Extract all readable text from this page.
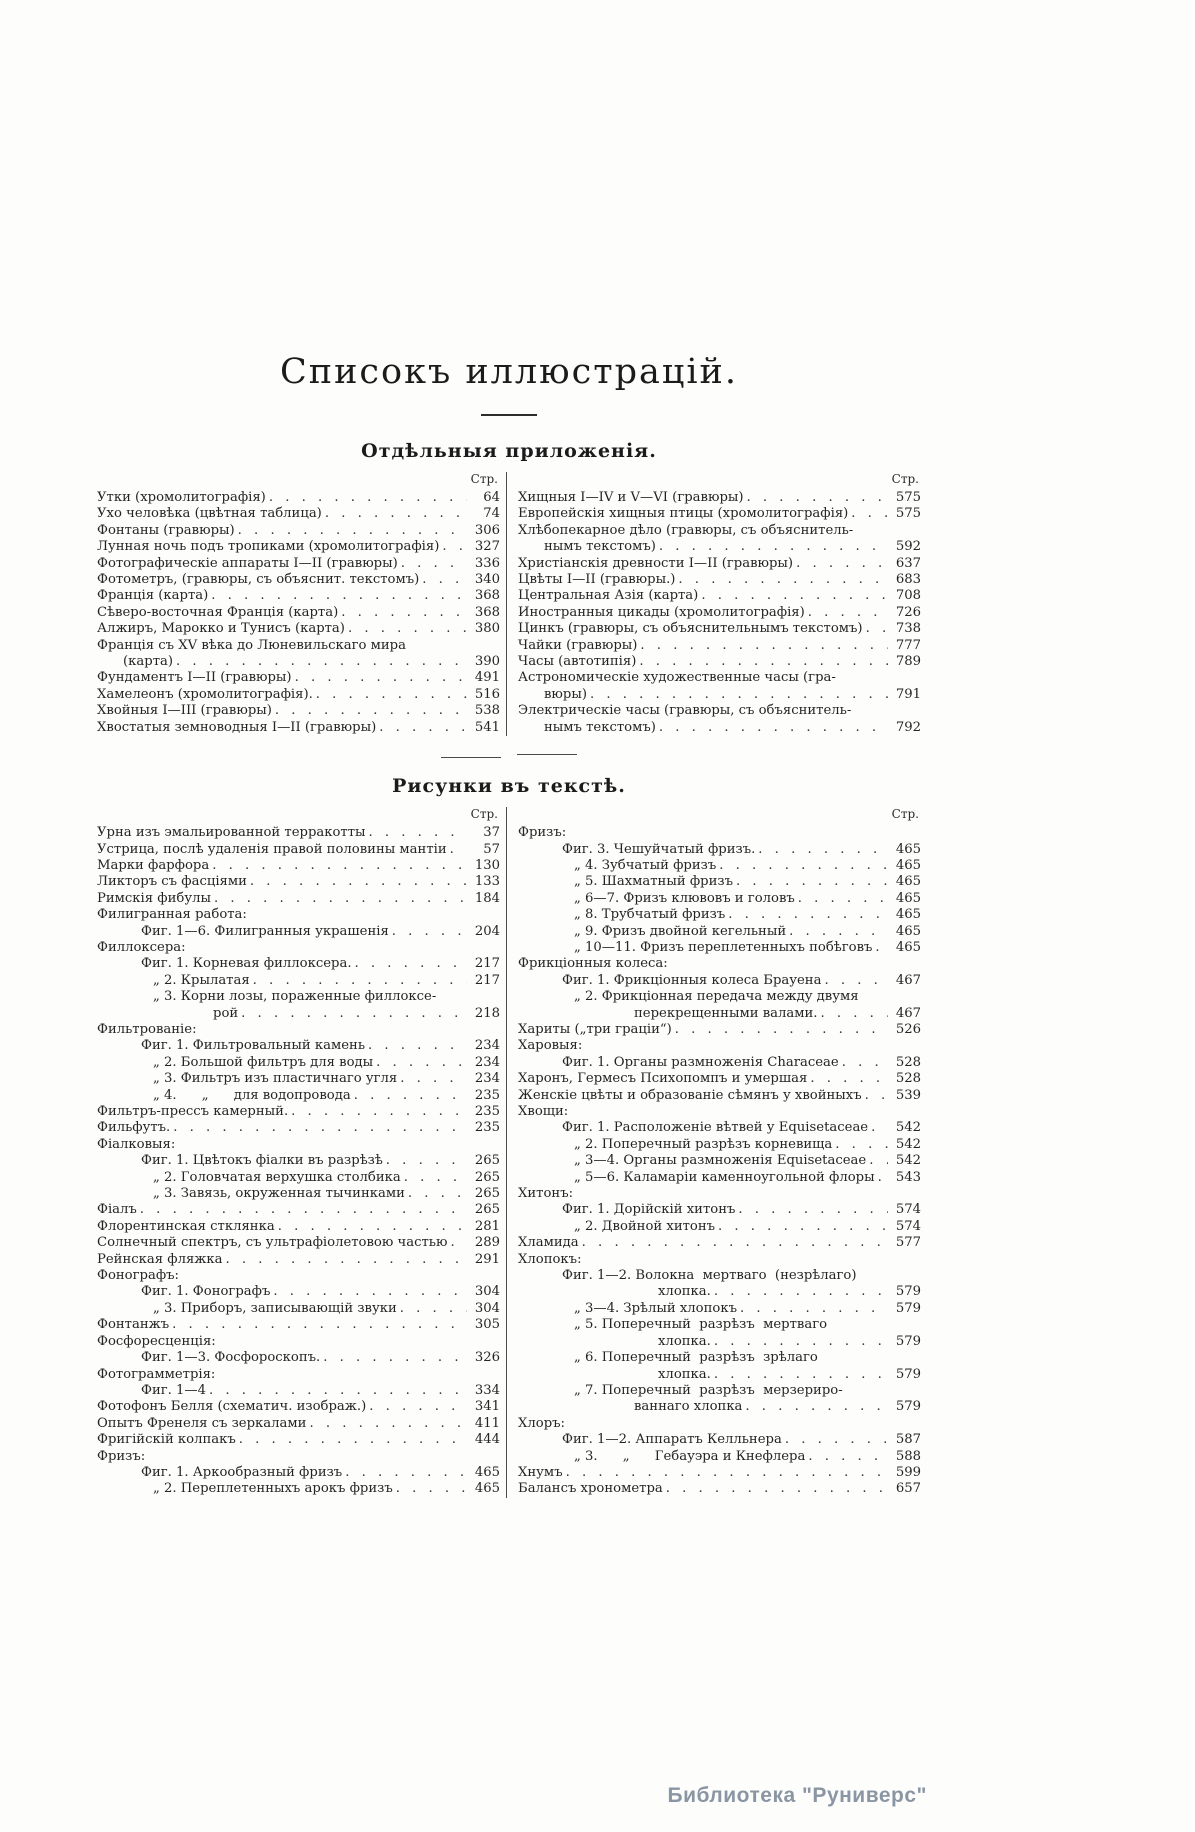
Списокъ иллюстрацій.
Отдѣльныя приложенія.
Стр.
Утки (хромолитографія) . . .	64
Ухо человѣка (цвѣтная таблица) . . .	74
Фонтаны (гравюры) . . .	306
Лунная ночь подъ тропиками (хромолитографія) . . .	327
Фотографическіе аппараты I—II (гравюры) . . .	336
Фотометръ, (гравюры, съ объяснит. текстомъ) . . .	340
Франція (карта) . . .	368
Сѣверо-восточная Франція (карта) . . .	368
Алжиръ, Марокко и Тунисъ (карта) . . .	380
Франція съ XV вѣка до Люневильскаго мира
(карта) . . .	390
Фундаментъ I—II (гравюры) . . .	491
Хамелеонъ (хромолитографія). . . .	516
Хвойныя I—III (гравюры) . . .	538
Хвостатыя земноводныя I—II (гравюры) . . .	541
Стр.
Хищныя I—IV и V—VI (гравюры) . . .	575
Европейскія хищныя птицы (хромолитографія) . . .	575
Хлѣбопекарное дѣло (гравюры, съ объяснитель-
нымъ текстомъ) . . .	592
Христіанскія древности I—II (гравюры) . . .	637
Цвѣты I—II (гравюры.) . . .	683
Центральная Азія (карта) . . .	708
Иностранныя цикады (хромолитографія) . . .	726
Цинкъ (гравюры, съ объяснительнымъ текстомъ) . . .	738
Чайки (гравюры) . . .	777
Часы (автотипія) . . .	789
Астрономическіе художественные часы (гра-
вюры) . . .	791
Электрическіе часы (гравюры, съ объяснитель-
нымъ текстомъ) . . .	792
Рисунки въ текстѣ.
Стр.
Урна изъ эмальированной терракотты . . .	37
Устрица, послѣ удаленія правой половины мантіи . . .	57
Марки фарфора . . .	130
Ликторъ съ фасціями . . .	133
Римскія фибулы . . .	184
Филигранная работа:
Фиг. 1—6. Филигранныя украшенія . . .	204
Филлоксера:
Фиг. 1. Корневая филлоксера. . . .	217
„ 2. Крылатая . . .	217
„ 3. Корни лозы, пораженные филлоксе-
рой . . .	218
Фильтрованіе:
Фиг. 1. Фильтровальный камень . . .	234
„ 2. Большой фильтръ для воды . . .	234
„ 3. Фильтръ изъ пластичнаго угля . . .	234
„ 4.      „      для водопровода . . .	235
Фильтръ-прессъ камерный. . . .	235
Фильфутъ. . . .	235
Фіалковыя:
Фиг. 1. Цвѣтокъ фіалки въ разрѣзѣ . . .	265
„ 2. Головчатая верхушка столбика . . .	265
„ 3. Завязь, окруженная тычинками . . .	265
Фіалъ . . .	265
Флорентинская стклянка . . .	281
Солнечный спектръ, съ ультрафіолетовою частью . . .	289
Рейнская фляжка . . .	291
Фонографъ:
Фиг. 1. Фонографъ . . .	304
„ 3. Приборъ, записывающій звуки . . .	304
Фонтанжъ . . .	305
Фосфоресценція:
Фиг. 1—3. Фосфороскопъ. . . .	326
Фотограмметрія:
Фиг. 1—4 . . .	334
Фотофонъ Белля (схематич. изображ.) . . .	341
Опытъ Френеля съ зеркалами . . .	411
Фригійскій колпакъ . . .	444
Фризъ:
Фиг. 1. Аркообразный фризъ . . .	465
„ 2. Переплетенныхъ арокъ фризъ . . .	465
Стр.
Фризъ:
Фиг. 3. Чешуйчатый фризъ. . . .	465
„ 4. Зубчатый фризъ . . .	465
„ 5. Шахматный фризъ . . .	465
„ 6—7. Фризъ клювовъ и головъ . . .	465
„ 8. Трубчатый фризъ . . .	465
„ 9. Фризъ двойной кегельный . . .	465
„ 10—11. Фризъ переплетенныхъ побѣговъ . . .	465
Фрикціонныя колеса:
Фиг. 1. Фрикціонныя колеса Брауена . . .	467
„ 2. Фрикціонная передача между двумя
перекрещенными валами. . . .	467
Хариты („три граціи“) . . .	526
Харовыя:
Фиг. 1. Органы размноженія Characeae . . .	528
Харонъ, Гермесъ Психопомпъ и умершая . . .	528
Женскіе цвѣты и образованіе сѣмянъ у хвойныхъ . . .	539
Хвощи:
Фиг. 1. Расположеніе вѣтвей у Equisetaceae . . .	542
„ 2. Поперечный разрѣзъ корневища . . .	542
„ 3—4. Органы размноженія Equisetaceae . . .	542
„ 5—6. Каламаріи каменноугольной флоры . . .	543
Хитонъ:
Фиг. 1. Дорійскій хитонъ . . .	574
„ 2. Двойной хитонъ . . .	574
Хламида . . .	577
Хлопокъ:
Фиг. 1—2. Волокна  мертваго  (незрѣлаго)
хлопка. . . .	579
„ 3—4. Зрѣлый хлопокъ . . .	579
„ 5. Поперечный  разрѣзъ  мертваго
хлопка. . . .	579
„ 6. Поперечный  разрѣзъ  зрѣлаго
хлопка. . . .	579
„ 7. Поперечный  разрѣзъ  мерзериро-
ваннаго хлопка . . .	579
Хлоръ:
Фиг. 1—2. Аппаратъ Келльнера . . .	587
„ 3.      „      Гебауэра и Кнефлера . . .	588
Хнумъ . . .	599
Балансъ хронометра . . .	657
Библиотека "Руниверс"
